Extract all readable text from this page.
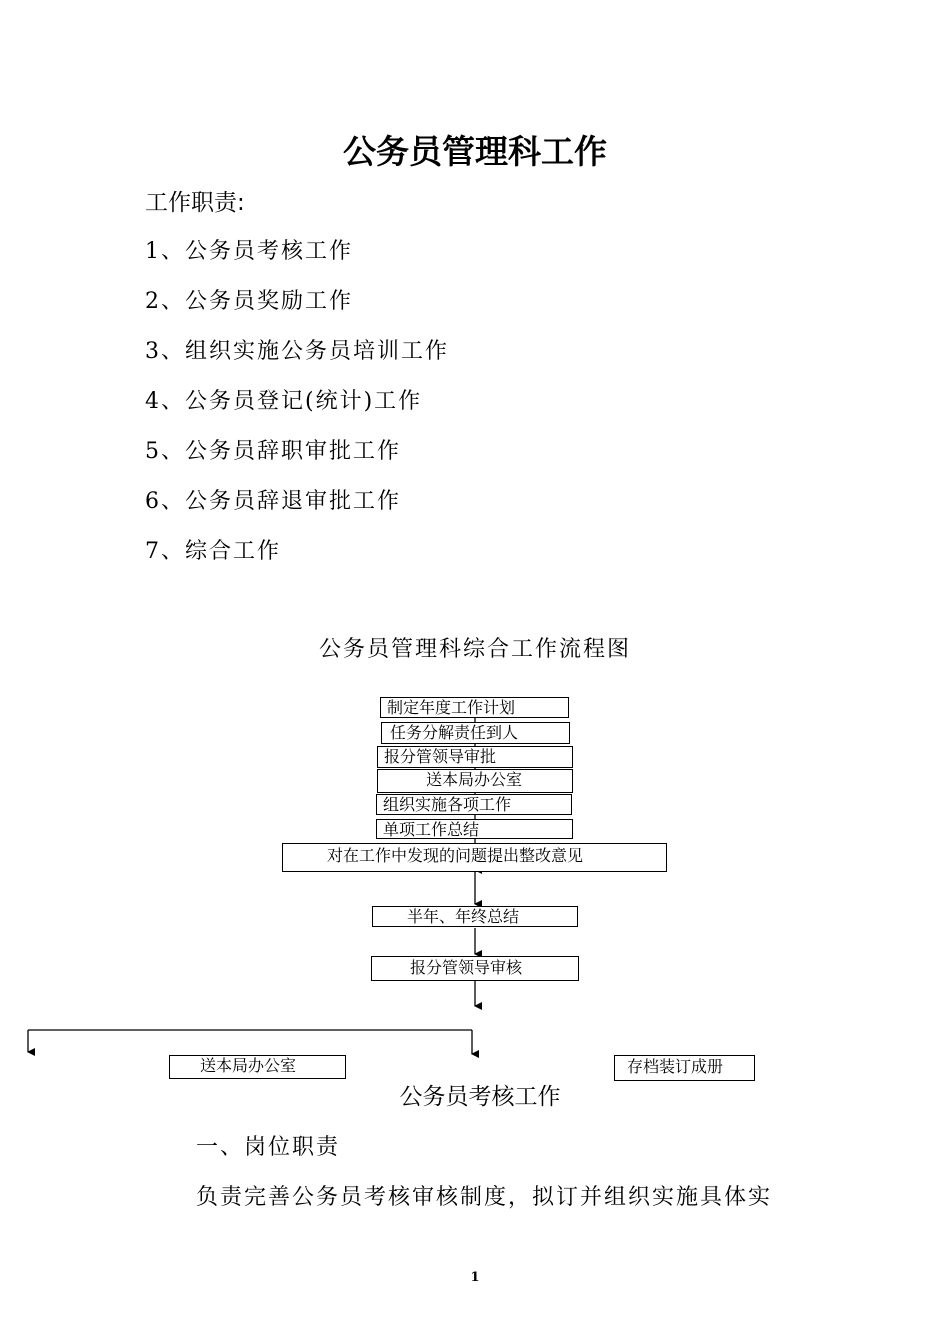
公务员管理科工作
工作职责:
1、公务员考核工作
2、公务员奖励工作
3、组织实施公务员培训工作
4、公务员登记(统计)工作
5、公务员辞职审批工作
6、公务员辞退审批工作
7、综合工作
公务员管理科综合工作流程图
制定年度工作计划
任务分解责任到人
报分管领导审批
送本局办公室
组织实施各项工作
单项工作总结
对在工作中发现的问题提出整改意见
半年、年终总结
报分管领导审核
送本局办公室	存档装订成册
公务员考核工作
一、岗位职责
负责完善公务员考核审核制度，拟订并组织实施具体实
1
